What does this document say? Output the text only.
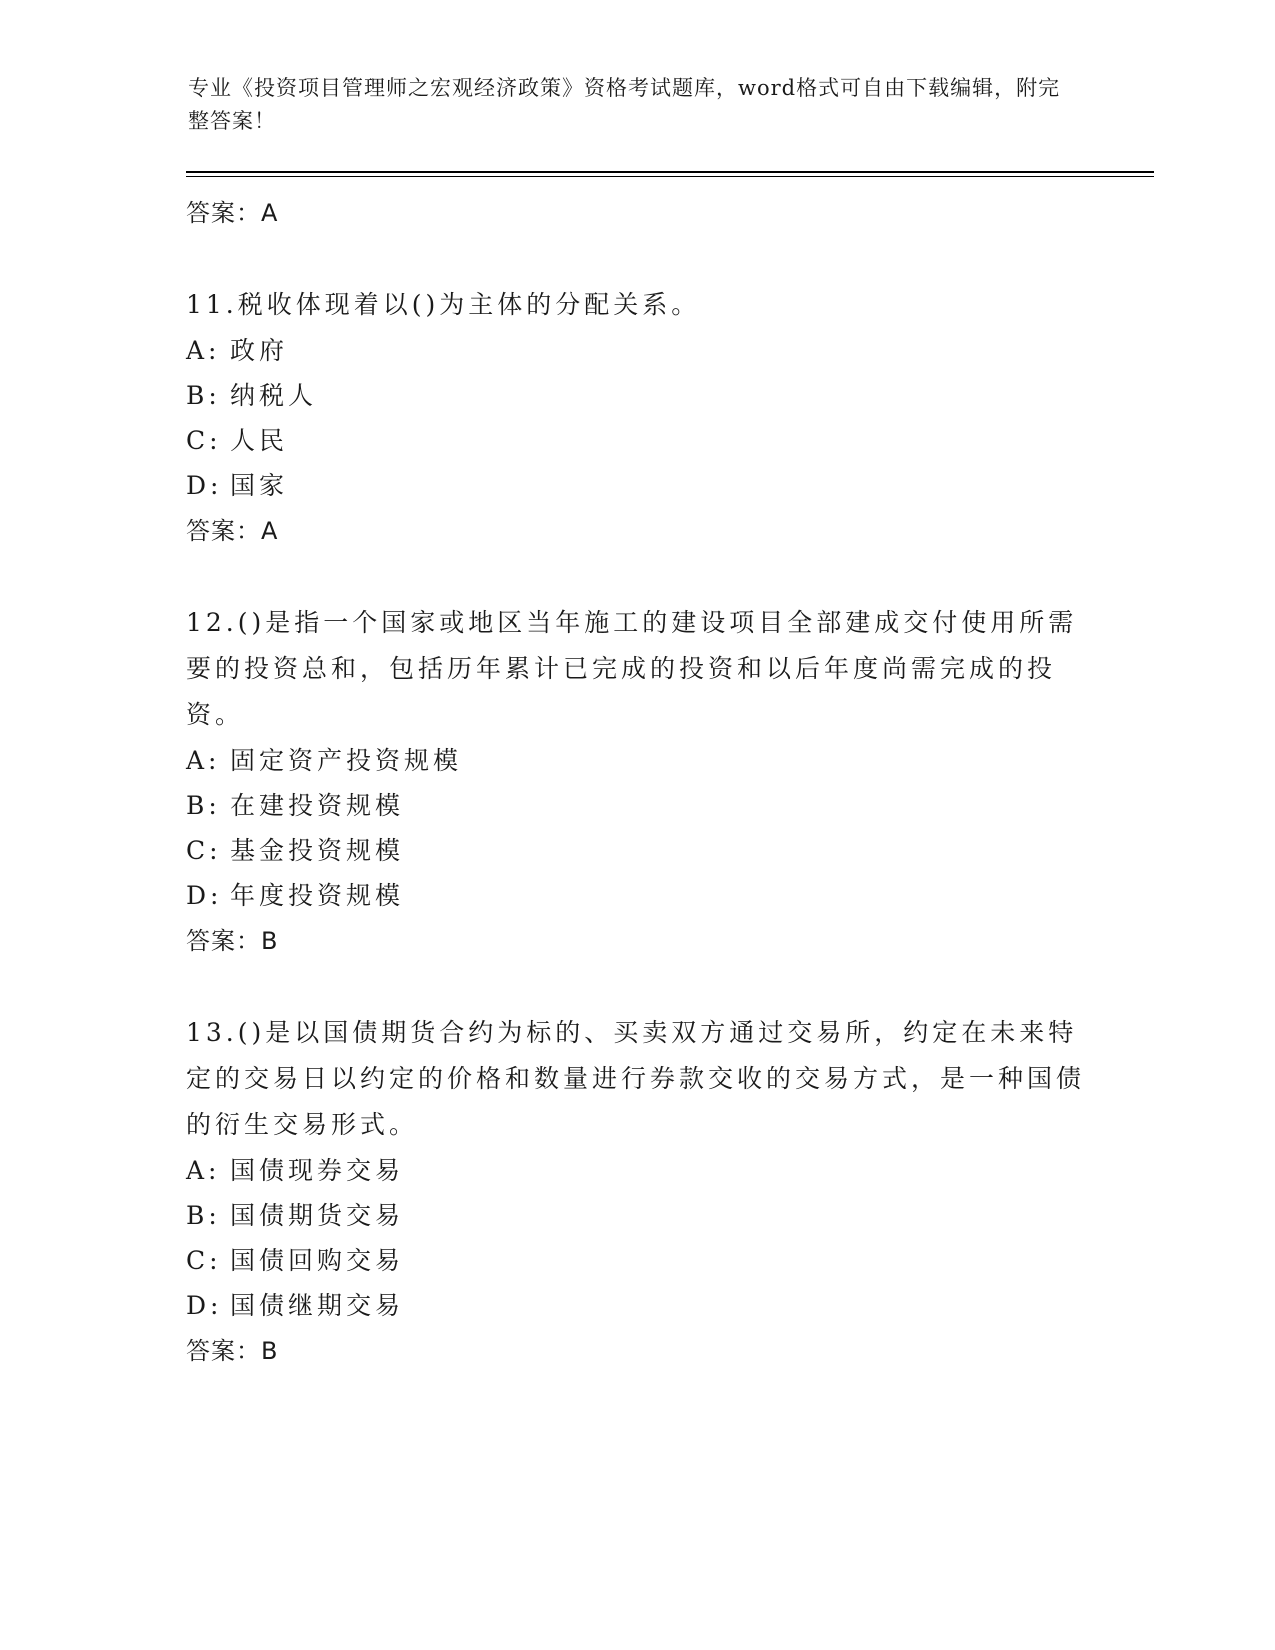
专业《投资项目管理师之宏观经济政策》资格考试题库，word格式可自由下载编辑，附完整答案！
答案：A
11.税收体现着以()为主体的分配关系。
A: 政府
B: 纳税人
C: 人民
D: 国家
答案：A
12.()是指一个国家或地区当年施工的建设项目全部建成交付使用所需要的投资总和，包括历年累计已完成的投资和以后年度尚需完成的投资。
A: 固定资产投资规模
B: 在建投资规模
C: 基金投资规模
D: 年度投资规模
答案：B
13.()是以国债期货合约为标的、买卖双方通过交易所，约定在未来特定的交易日以约定的价格和数量进行券款交收的交易方式，是一种国债的衍生交易形式。
A: 国债现券交易
B: 国债期货交易
C: 国债回购交易
D: 国债继期交易
答案：B
